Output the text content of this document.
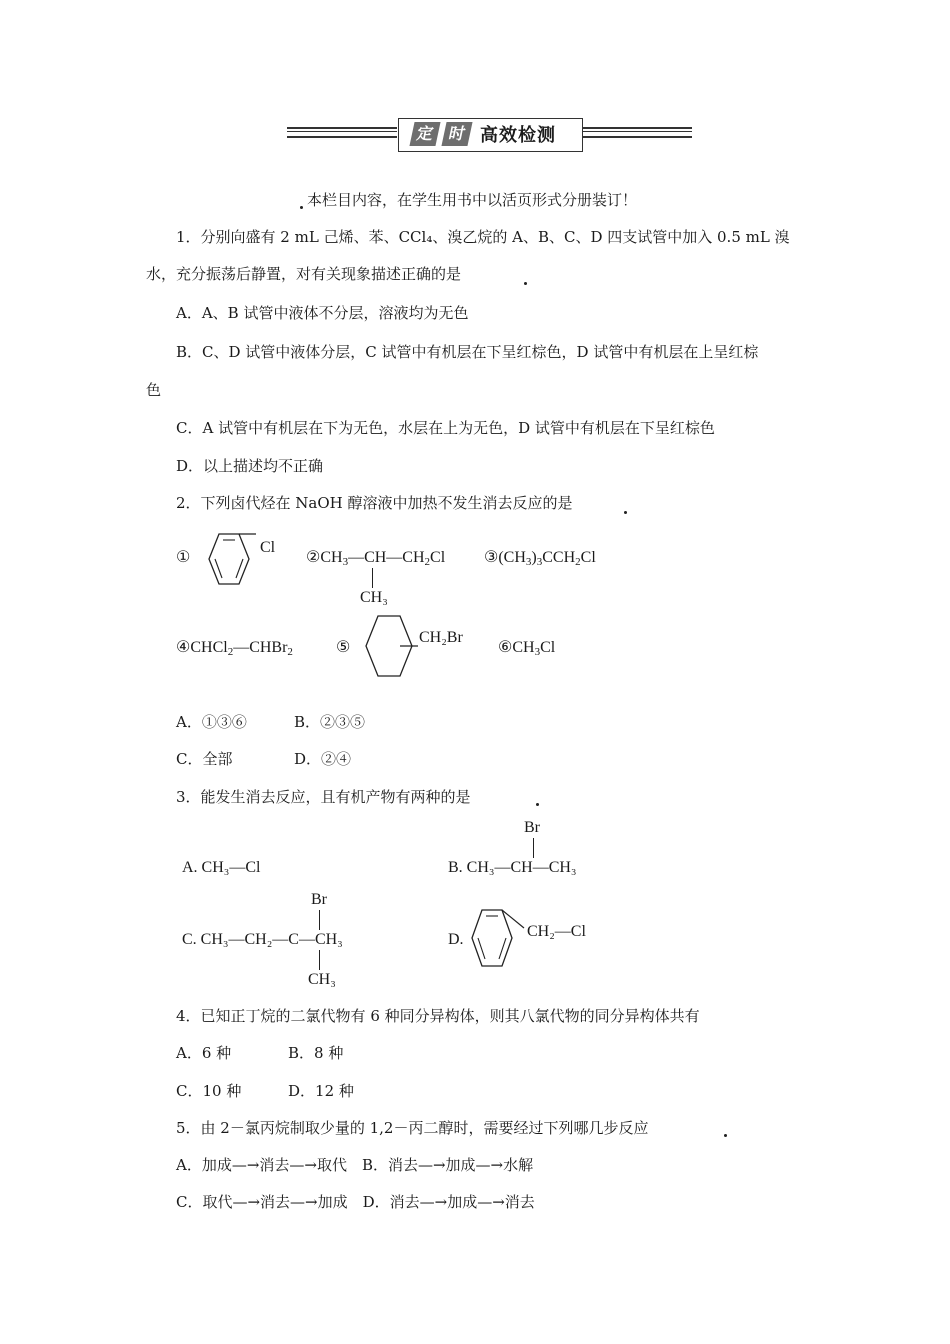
定 时 高效检测
本栏目内容，在学生用书中以活页形式分册装订！
1．分别向盛有 2 mL 己烯、苯、CCl₄、溴乙烷的 A、B、C、D 四支试管中加入 0.5 mL 溴
水，充分振荡后静置，对有关现象描述正确的是
A．A、B 试管中液体不分层，溶液均为无色
B．C、D 试管中液体分层，C 试管中有机层在下呈红棕色，D 试管中有机层在上呈红棕
色
C．A 试管中有机层在下为无色，水层在上为无色，D 试管中有机层在下呈红棕色
D．以上描述均不正确
2．下列卤代烃在 NaOH 醇溶液中加热不发生消去反应的是
①
Cl
$②CH_3—CH—CH_2Cl$
CH₃
$③(CH_3)_3CCH_2Cl$
④CHCl$_2$—CHBr$_2$	⑤
CH₂Br
$⑥CH_3Cl$
A．①③⑥	B．②③⑤
C．全部	D．②④
3．能发生消去反应，且有机产物有两种的是
A. CH₃—Cl
Br
B. CH₃—CH—CH₃
Br
C. CH₃—CH₂—C—CH₃
CH₃
D.	CH₂—Cl
4．已知正丁烷的二氯代物有 6 种同分异构体，则其八氯代物的同分异构体共有
A．6 种	B．8 种
C．10 种	D．12 种
5．由 2－氯丙烷制取少量的 1,2－丙二醇时，需要经过下列哪几步反应
A．加成—→消去—→取代　B．消去—→加成—→水解
C．取代—→消去—→加成　D．消去—→加成—→消去
